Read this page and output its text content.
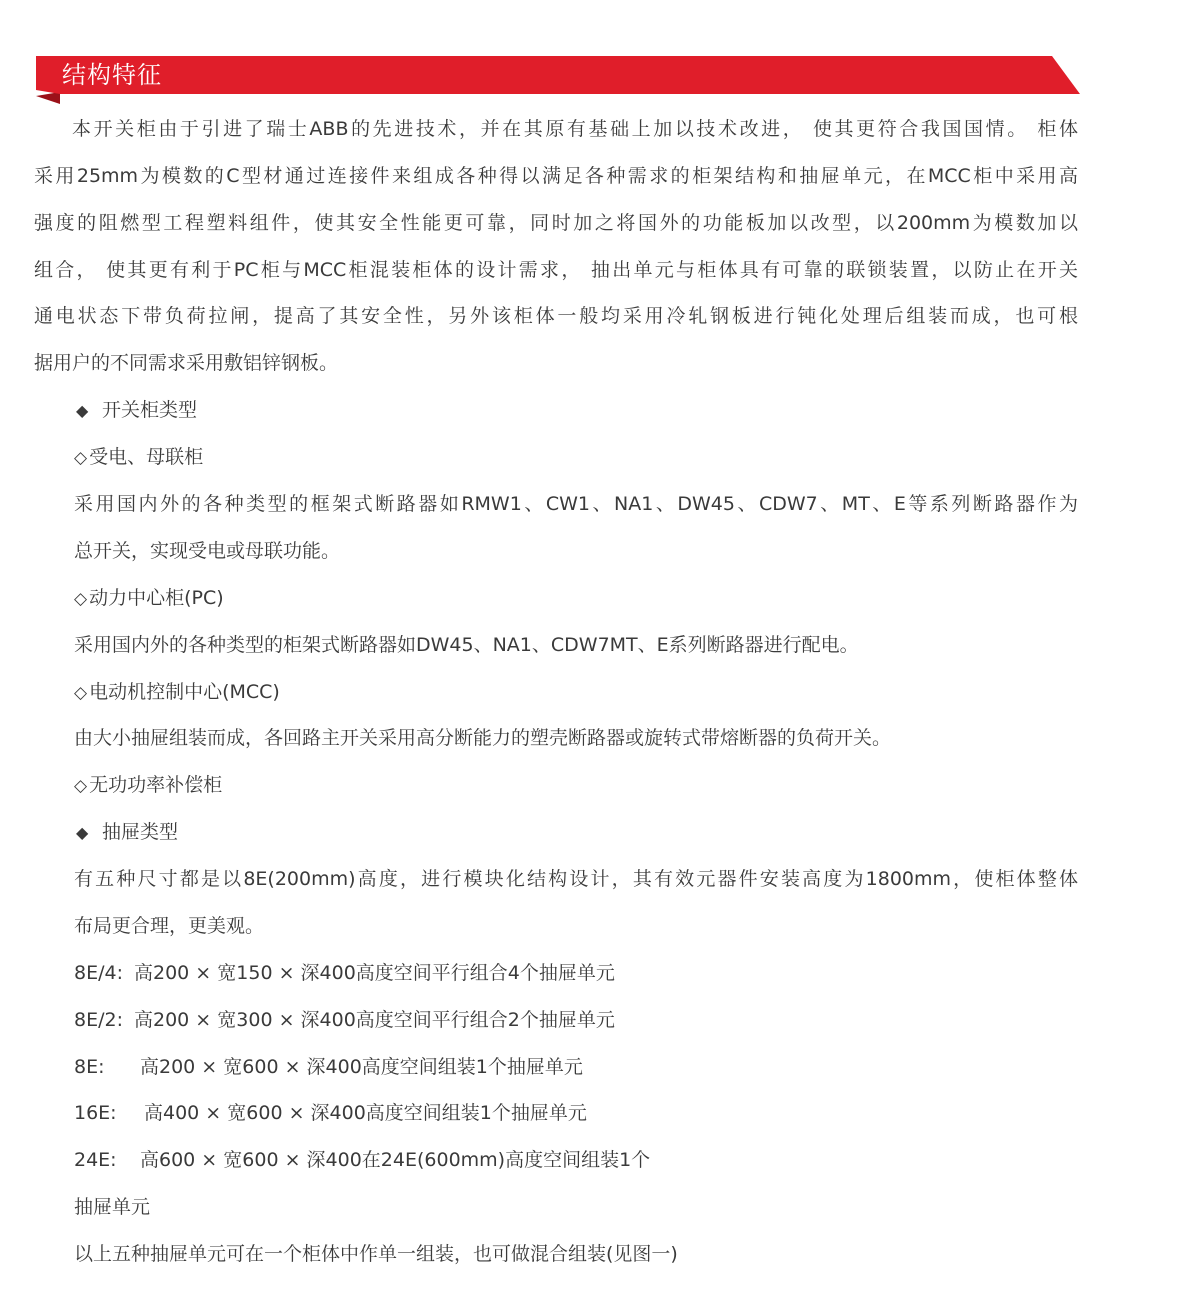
结构特征
本开关柜由于引进了瑞士ABB的先进技术，并在其原有基础上加以技术改进， 使其更符合我国国情。 柜体
采用25mm为模数的C型材通过连接件来组成各种得以满足各种需求的柜架结构和抽屉单元，在MCC柜中采用高
强度的阻燃型工程塑料组件，使其安全性能更可靠，同时加之将国外的功能板加以改型，以200mm为模数加以
组合， 使其更有利于PC柜与MCC柜混装柜体的设计需求， 抽出单元与柜体具有可靠的联锁装置，以防止在开关
通电状态下带负荷拉闸，提高了其安全性，另外该柜体一般均采用冷轧钢板进行钝化处理后组装而成，也可根
据用户的不同需求采用敷铝锌钢板。
◆ 开关柜类型
◇ 受电、母联柜
采用国内外的各种类型的框架式断路器如RMW1、CW1、NA1、DW45、CDW7、MT、E等系列断路器作为
总开关，实现受电或母联功能。
◇ 动力中心柜(PC)
采用国内外的各种类型的柜架式断路器如DW45、NA1、CDW7MT、E系列断路器进行配电。
◇ 电动机控制中心(MCC)
由大小抽屉组装而成，各回路主开关采用高分断能力的塑壳断路器或旋转式带熔断器的负荷开关。
◇ 无功功率补偿柜
◆ 抽屉类型
有五种尺寸都是以8E(200mm)高度，进行模块化结构设计，其有效元器件安装高度为1800mm，使柜体整体
布局更合理，更美观。
8E/4: 高200 × 宽150 × 深400高度空间平行组合4个抽屉单元
8E/2: 高200 × 宽300 × 深400高度空间平行组合2个抽屉单元
8E: 高200 × 宽600 × 深400高度空间组装1个抽屉单元
16E: 高400 × 宽600 × 深400高度空间组装1个抽屉单元
24E: 高600 × 宽600 × 深400在24E(600mm)高度空间组装1个
抽屉单元
以上五种抽屉单元可在一个柜体中作单一组装，也可做混合组装(见图一)
